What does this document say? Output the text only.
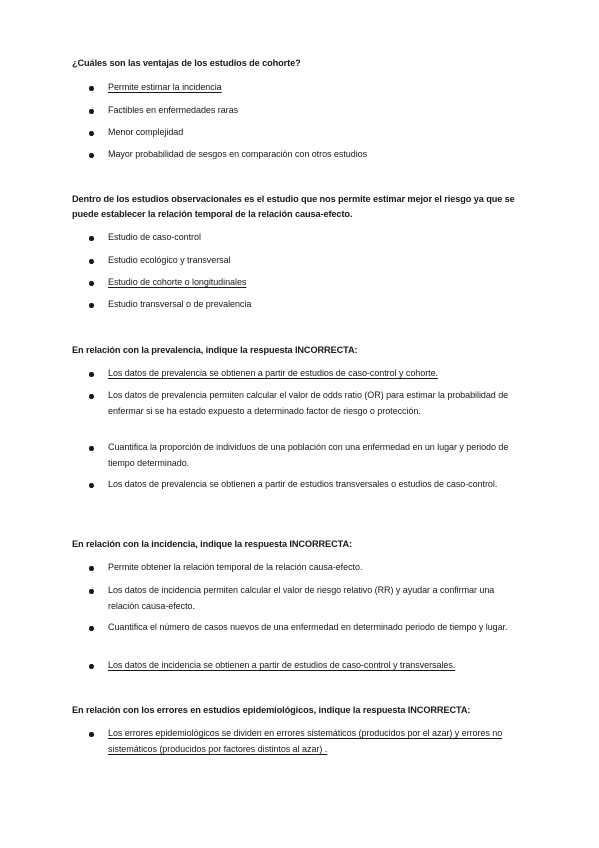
¿Cuáles son las ventajas de los estudios de cohorte?
Permite estimar la incidencia
Factibles en enfermedades raras
Menor complejidad
Mayor probabilidad de sesgos en comparación con otros estudios
Dentro de los estudios observacionales es el estudio que nos permite estimar mejor el riesgo ya que se puede establecer la relación temporal de la relación causa-efecto.
Estudio de caso-control
Estudio ecológico y transversal
Estudio de cohorte o longitudinales
Estudio transversal o de prevalencia
En relación con la prevalencia, indique la respuesta INCORRECTA:
Los datos de prevalencia se obtienen a partir de estudios de caso-control y cohorte.
Los datos de prevalencia permiten calcular el valor de odds ratio (OR) para estimar la probabilidad de enfermar si se ha estado expuesto a determinado factor de riesgo o protección.
Cuantifica la proporción de individuos de una población con una enfermedad en un lugar y periodo de tiempo determinado.
Los datos de prevalencia se obtienen a partir de estudios transversales o estudios de caso-control.
En relación con la incidencia, indique la respuesta INCORRECTA:
Permite obtener la relación temporal de la relación causa-efecto.
Los datos de incidencia permiten calcular el valor de riesgo relativo (RR) y ayudar a confirmar una relación causa-efecto.
Cuantifica el número de casos nuevos de una enfermedad en determinado periodo de tiempo y lugar.
Los datos de incidencia se obtienen a partir de estudios de caso-control y transversales.
En relación con los errores en estudios epidemiológicos, indique la respuesta INCORRECTA:
Los errores epidemiológicos se dividen en errores sistemáticos (producidos por el azar) y errores no sistemáticos (producidos por factores distintos al azar) .
